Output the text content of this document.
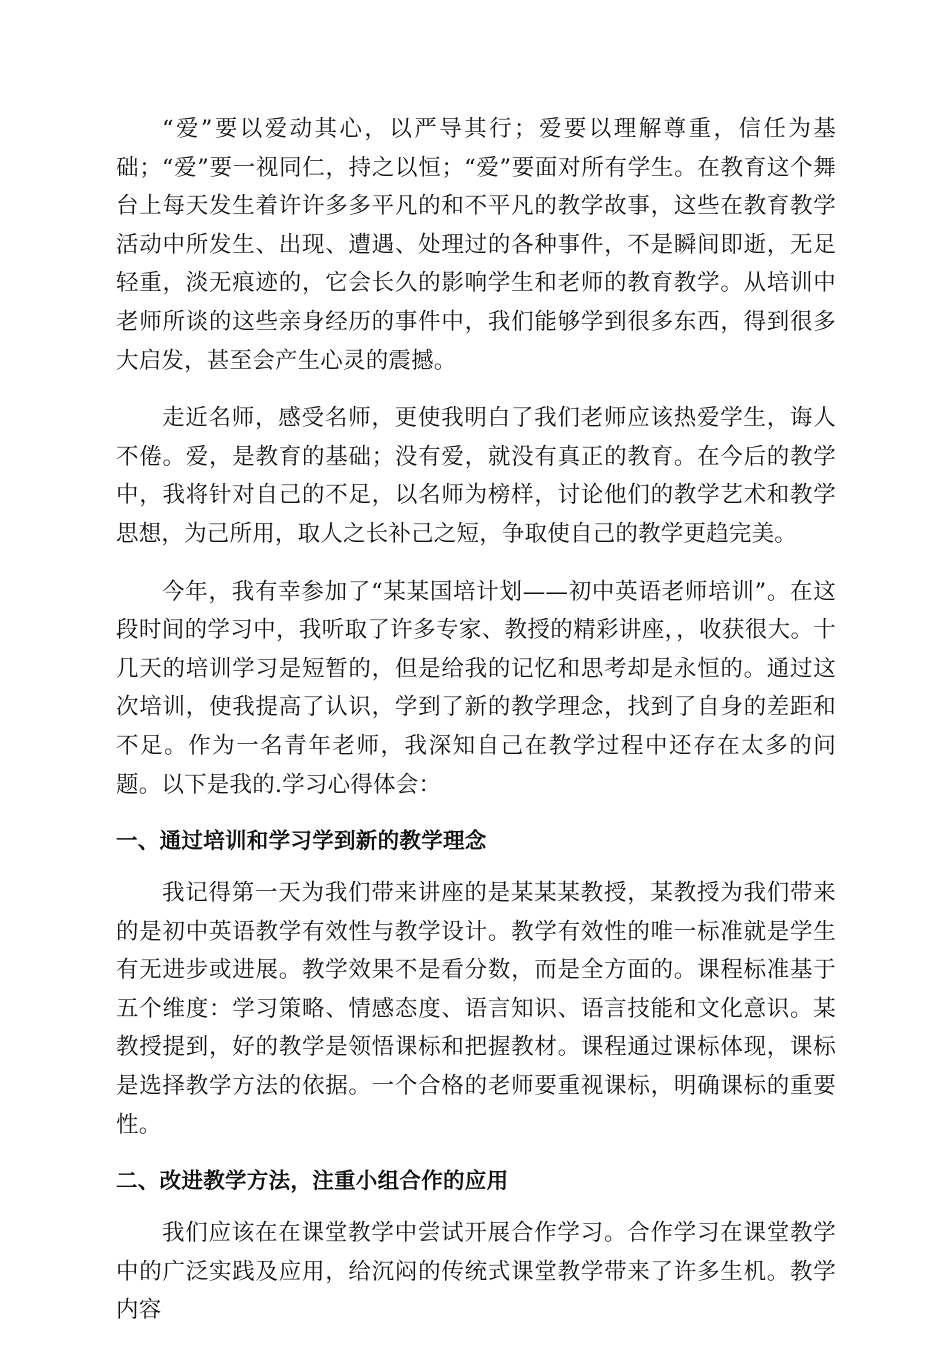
“爱”要以爱动其心，以严导其行；爱要以理解尊重，信任为基础；“爱”要一视同仁，持之以恒；“爱”要面对所有学生。在教育这个舞台上每天发生着许许多多平凡的和不平凡的教学故事，这些在教育教学活动中所发生、出现、遭遇、处理过的各种事件，不是瞬间即逝，无足轻重，淡无痕迹的，它会长久的影响学生和老师的教育教学。从培训中老师所谈的这些亲身经历的事件中，我们能够学到很多东西，得到很多大启发，甚至会产生心灵的震撼。

走近名师，感受名师，更使我明白了我们老师应该热爱学生，诲人不倦。爱，是教育的基础；没有爱，就没有真正的教育。在今后的教学中，我将针对自己的不足，以名师为榜样，讨论他们的教学艺术和教学思想，为己所用，取人之长补己之短，争取使自己的教学更趋完美。

今年，我有幸参加了“某某国培计划——初中英语老师培训”。在这段时间的学习中，我听取了许多专家、教授的精彩讲座，，收获很大。十几天的培训学习是短暂的，但是给我的记忆和思考却是永恒的。通过这次培训，使我提高了认识，学到了新的教学理念，找到了自身的差距和不足。作为一名青年老师，我深知自己在教学过程中还存在太多的问题。以下是我的.学习心得体会：

一、通过培训和学习学到新的教学理念

我记得第一天为我们带来讲座的是某某某教授，某教授为我们带来的是初中英语教学有效性与教学设计。教学有效性的唯一标准就是学生有无进步或进展。教学效果不是看分数，而是全方面的。课程标准基于五个维度：学习策略、情感态度、语言知识、语言技能和文化意识。某教授提到，好的教学是领悟课标和把握教材。课程通过课标体现，课标是选择教学方法的依据。一个合格的老师要重视课标，明确课标的重要性。

二、改进教学方法，注重小组合作的应用

我们应该在在课堂教学中尝试开展合作学习。合作学习在课堂教学中的广泛实践及应用，给沉闷的传统式课堂教学带来了许多生机。教学内容
